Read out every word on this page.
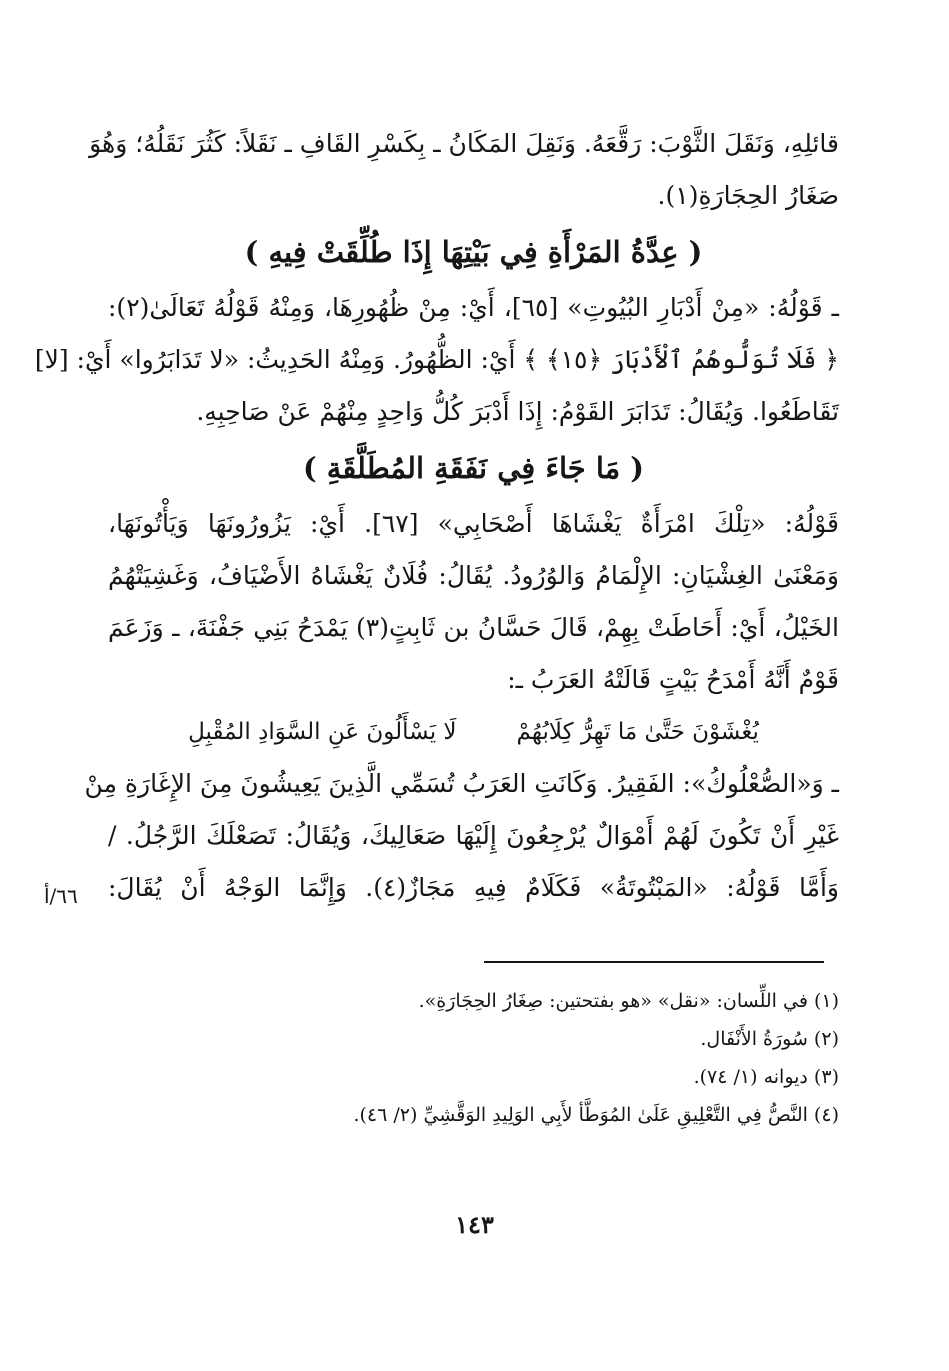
قائلِهِ، وَنَقَلَ الثَّوْبَ: رَقَّعَهُ. وَنَقِلَ المَكَانُ ـ بِكَسْرِ القَافِ ـ نَقَلاً: كَثُرَ نَقَلُهُ؛ وَهُوَ
صَغَارُ الحِجَارَةِ(١).
( عِدَّةُ المَرْأَةِ فِي بَيْتِهَا إِذَا طُلِّقَتْ فِيهِ )
ـ قَوْلُهُ: «مِنْ أَدْبَارِ البُيُوتِ» [٦٥]، أَيْ: مِنْ ظُهُورِهَا، وَمِنْهُ قَوْلُهُ تَعَالَىٰ(٢):
﴿ فَلَا تُوَلُّوهُمُ ٱلْأَدْبَارَ ﴿١٥﴾ ﴾ أَيْ: الظُّهُورُ. وَمِنْهُ الحَدِيثُ: «لا تَدَابَرُوا» أَيْ: [لا]
تَقَاطَعُوا. وَيُقَالُ: تَدَابَرَ القَوْمُ: إِذَا أَدْبَرَ كُلُّ وَاحِدٍ مِنْهُمْ عَنْ صَاحِبِهِ.
( مَا جَاءَ فِي نَفَقَةِ المُطَلَّقَةِ )
قَوْلُهُ: «تِلْكَ امْرَأَةٌ يَغْشَاهَا أَصْحَابِي» [٦٧]. أَيْ: يَزُورُونَهَا وَيَأْتُونَهَا،
وَمَعْنَىٰ الغِشْيَانِ: الإِلْمَامُ وَالوُرُودُ. يُقَالُ: فُلَانٌ يَغْشَاهُ الأَضْيَافُ، وَغَشِيَتْهُمُ
الخَيْلُ، أَيْ: أَحَاطَتْ بِهِمْ، قَالَ حَسَّانُ بن ثَابِتٍ(٣) يَمْدَحُ بَنِي جَفْنَةَ، ـ وَزَعَمَ
قَوْمٌ أَنَّهُ أَمْدَحُ بَيْتٍ قَالَتْهُ العَرَبُ ـ:
يُغْشَوْنَ حَتَّىٰ مَا تَهِرُّ كِلَابُهُمْ
لَا يَسْأَلُونَ عَنِ السَّوَادِ المُقْبِلِ
ـ وَ«الصُّعْلُوكُ»: الفَقِيرُ. وَكَانَتِ العَرَبُ تُسَمِّي الَّذِينَ يَعِيشُونَ مِنَ الإِغَارَةِ مِنْ
غَيْرِ أَنْ تَكُونَ لَهُمْ أَمْوَالٌ يُرْجِعُونَ إِلَيْهَا صَعَالِيكَ، وَيُقَالُ: تَصَعْلَكَ الرَّجُلُ. /
وَأَمَّا قَوْلُهُ: «المَبْتُوتَةُ» فَكَلَامٌ فِيهِ مَجَازٌ(٤). وَإِنَّمَا الوَجْهُ أَنْ يُقَالَ:
٦٦/أ
(١) في اللِّسان: «نقل» «هو بفتحتين: صِغَارُ الحِجَارَةِ».
(٢) سُورَةُ الأَنْفَال.
(٣) ديوانه (١/ ٧٤).
(٤) النَّصُّ فِي التَّعْلِيقِ عَلَىٰ المُوَطَّأ لأَبِي الوَلِيدِ الوَقَّشِيِّ (٢/ ٤٦).
١٤٣
